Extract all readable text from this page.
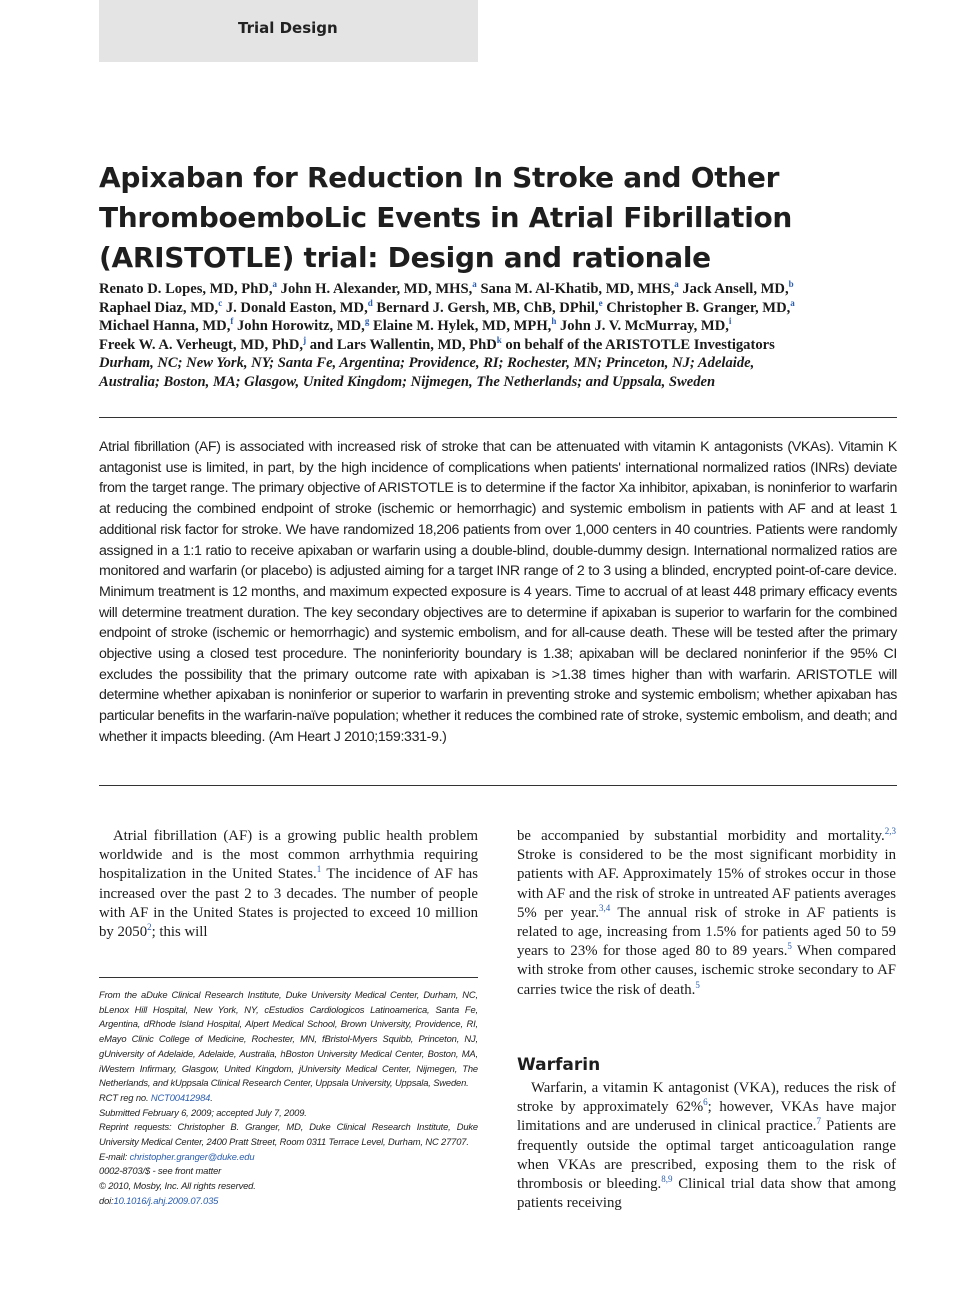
Trial Design
Apixaban for Reduction In Stroke and Other
ThromboemboLic Events in Atrial Fibrillation
(ARISTOTLE) trial: Design and rationale
Renato D. Lopes, MD, PhD,$^a$ John H. Alexander, MD, MHS,$^a$ Sana M. Al-Khatib, MD, MHS,$^a$ Jack Ansell, MD,$^b$
Raphael Diaz, MD,$^c$ J. Donald Easton, MD,$^d$ Bernard J. Gersh, MB, ChB, DPhil,$^e$ Christopher B. Granger, MD,$^a$
Michael Hanna, MD,$^f$ John Horowitz, MD,$^g$ Elaine M. Hylek, MD, MPH,$^h$ John J. V. McMurray, MD,$^i$
Freek W. A. Verheugt, MD, PhD,$^j$ and Lars Wallentin, MD, PhD$^k$ on behalf of the ARISTOTLE Investigators
Durham, NC; New York, NY; Santa Fe, Argentina; Providence, RI; Rochester, MN; Princeton, NJ; Adelaide,
Australia; Boston, MA; Glasgow, United Kingdom; Nijmegen, The Netherlands; and Uppsala, Sweden

Atrial fibrillation (AF) is associated with increased risk of stroke that can be attenuated with vitamin K antagonists (VKAs). Vitamin K antagonist use is limited, in part, by the high incidence of complications when patients' international normalized ratios (INRs) deviate from the target range. The primary objective of ARISTOTLE is to determine if the factor Xa inhibitor, apixaban, is noninferior to warfarin at reducing the combined endpoint of stroke (ischemic or hemorrhagic) and systemic embolism in patients with AF and at least 1 additional risk factor for stroke. We have randomized 18,206 patients from over 1,000 centers in 40 countries. Patients were randomly assigned in a 1:1 ratio to receive apixaban or warfarin using a double-blind, double-dummy design. International normalized ratios are monitored and warfarin (or placebo) is adjusted aiming for a target INR range of 2 to 3 using a blinded, encrypted point-of-care device. Minimum treatment is 12 months, and maximum expected exposure is 4 years. Time to accrual of at least 448 primary efficacy events will determine treatment duration. The key secondary objectives are to determine if apixaban is superior to warfarin for the combined endpoint of stroke (ischemic or hemorrhagic) and systemic embolism, and for all-cause death. These will be tested after the primary objective using a closed test procedure. The noninferiority boundary is 1.38; apixaban will be declared noninferior if the 95% CI excludes the possibility that the primary outcome rate with apixaban is >1.38 times higher than with warfarin. ARISTOTLE will determine whether apixaban is noninferior or superior to warfarin in preventing stroke and systemic embolism; whether apixaban has particular benefits in the warfarin-naïve population; whether it reduces the combined rate of stroke, systemic embolism, and death; and whether it impacts bleeding. (Am Heart J 2010;159:331-9.)

Atrial fibrillation (AF) is a growing public health problem worldwide and is the most common arrhythmia requiring hospitalization in the United States.$^1$ The incidence of AF has increased over the past 2 to 3 decades. The number of people with AF in the United States is projected to exceed 10 million by 2050$^2$; this will

be accompanied by substantial morbidity and mortality.$^{2,3}$ Stroke is considered to be the most significant morbidity in patients with AF. Approximately 15% of strokes occur in those with AF and the risk of stroke in untreated AF patients averages 5% per year.$^{3,4}$ The annual risk of stroke in AF patients is related to age, increasing from 1.5% for patients aged 50 to 59 years to 23% for those aged 80 to 89 years.$^5$ When compared with stroke from other causes, ischemic stroke secondary to AF carries twice the risk of death.$^5$

Warfarin

Warfarin, a vitamin K antagonist (VKA), reduces the risk of stroke by approximately 62%$^6$; however, VKAs have major limitations and are underused in clinical practice.$^7$ Patients are frequently outside the optimal target anticoagulation range when VKAs are prescribed, exposing them to the risk of thrombosis or bleeding.$^{8,9}$ Clinical trial data show that among patients receiving

From the aDuke Clinical Research Institute, Duke University Medical Center, Durham, NC, bLenox Hill Hospital, New York, NY, cEstudios Cardiologicos Latinoamerica, Santa Fe, Argentina, dRhode Island Hospital, Alpert Medical School, Brown University, Providence, RI, eMayo Clinic College of Medicine, Rochester, MN, fBristol-Myers Squibb, Princeton, NJ, gUniversity of Adelaide, Adelaide, Australia, hBoston University Medical Center, Boston, MA, iWestern Infirmary, Glasgow, United Kingdom, jUniversity Medical Center, Nijmegen, The Netherlands, and kUppsala Clinical Research Center, Uppsala University, Uppsala, Sweden.
RCT reg no. NCT00412984.
Submitted February 6, 2009; accepted July 7, 2009.
Reprint requests: Christopher B. Granger, MD, Duke Clinical Research Institute, Duke University Medical Center, 2400 Pratt Street, Room 0311 Terrace Level, Durham, NC 27707.
E-mail: christopher.granger@duke.edu
0002-8703/$ - see front matter
© 2010, Mosby, Inc. All rights reserved.
doi:10.1016/j.ahj.2009.07.035
